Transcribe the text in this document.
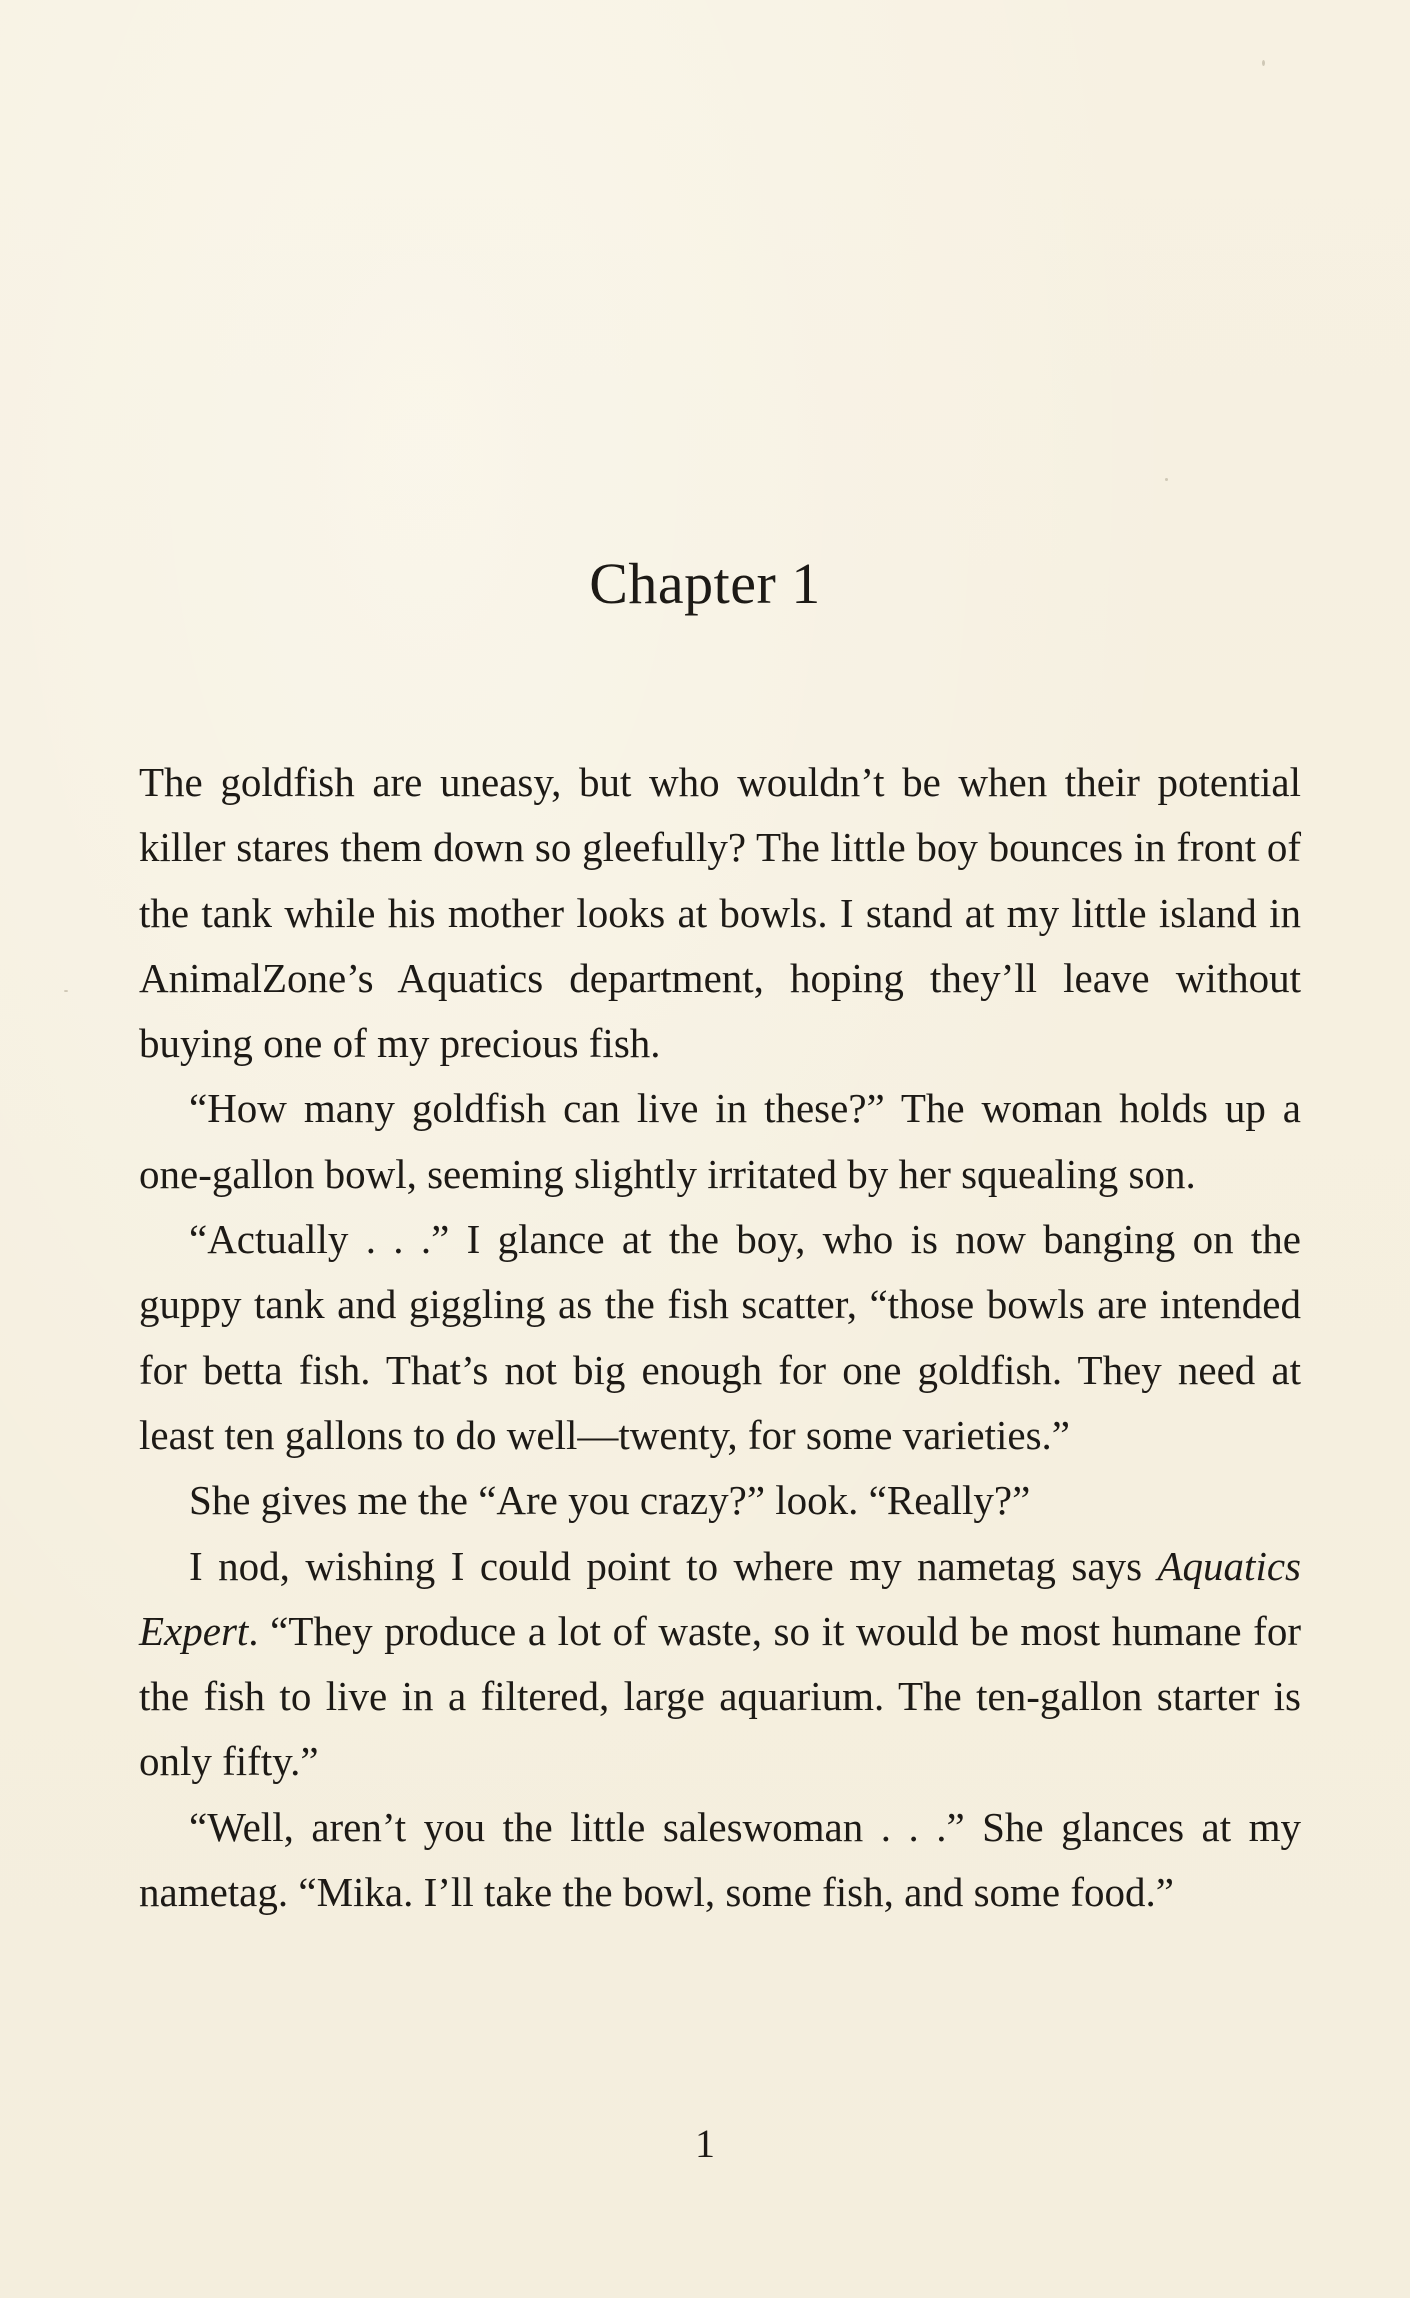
Chapter 1

The goldfish are uneasy, but who wouldn’t be when their potential killer stares them down so gleefully? The little boy bounces in front of the tank while his mother looks at bowls. I stand at my little island in AnimalZone’s Aquatics department, hoping they’ll leave without buying one of my precious fish.

“How many goldfish can live in these?” The woman holds up a one-gallon bowl, seeming slightly irritated by her squealing son.

“Actually . . .” I glance at the boy, who is now banging on the guppy tank and giggling as the fish scatter, “those bowls are intended for betta fish. That’s not big enough for one goldfish. They need at least ten gallons to do well—twenty, for some varieties.”

She gives me the “Are you crazy?” look. “Really?”

I nod, wishing I could point to where my nametag says Aquatics Expert. “They produce a lot of waste, so it would be most humane for the fish to live in a filtered, large aquarium. The ten-gallon starter is only fifty.”

“Well, aren’t you the little saleswoman . . .” She glances at my nametag. “Mika. I’ll take the bowl, some fish, and some food.”

1
